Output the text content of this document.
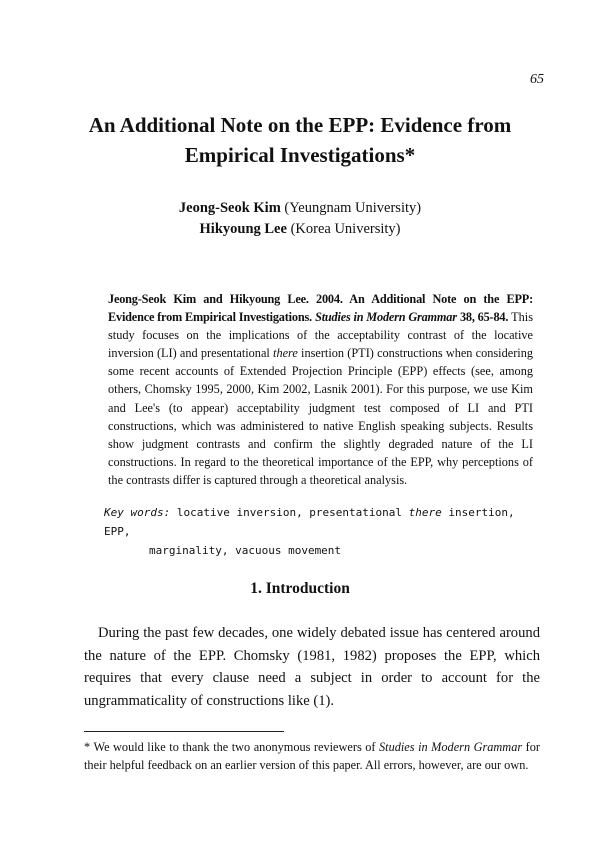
65
An Additional Note on the EPP: Evidence from
Empirical Investigations*
Jeong-Seok Kim (Yeungnam University)
Hikyoung Lee (Korea University)
Jeong-Seok Kim and Hikyoung Lee. 2004. An Additional Note on the EPP: Evidence from Empirical Investigations. Studies in Modern Grammar 38, 65-84. This study focuses on the implications of the acceptability contrast of the locative inversion (LI) and presentational there insertion (PTI) constructions when considering some recent accounts of Extended Projection Principle (EPP) effects (see, among others, Chomsky 1995, 2000, Kim 2002, Lasnik 2001). For this purpose, we use Kim and Lee's (to appear) acceptability judgment test composed of LI and PTI constructions, which was administered to native English speaking subjects. Results show judgment contrasts and confirm the slightly degraded nature of the LI constructions. In regard to the theoretical importance of the EPP, why perceptions of the contrasts differ is captured through a theoretical analysis.
Key words: locative inversion, presentational there insertion, EPP,
marginality, vacuous movement
1. Introduction
During the past few decades, one widely debated issue has centered around the nature of the EPP. Chomsky (1981, 1982) proposes the EPP, which requires that every clause need a subject in order to account for the ungrammaticality of constructions like (1).
* We would like to thank the two anonymous reviewers of Studies in Modern Grammar for their helpful feedback on an earlier version of this paper. All errors, however, are our own.
